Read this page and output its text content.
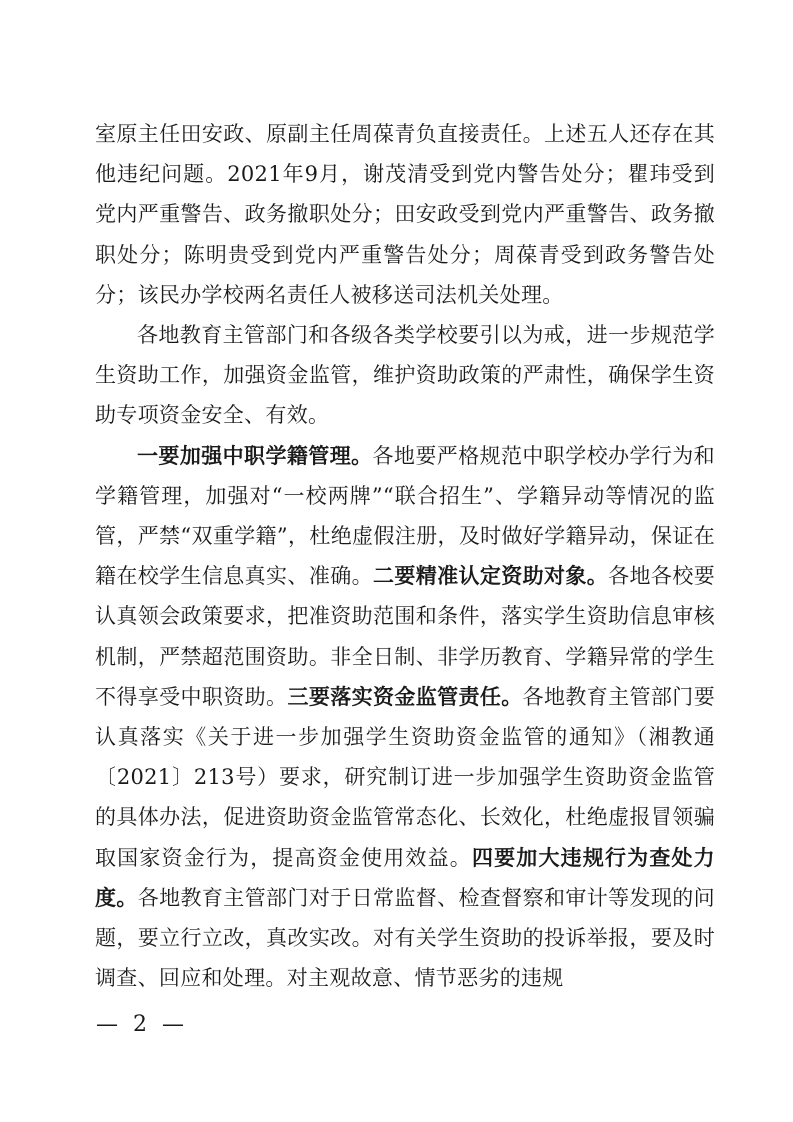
室原主任田安政、原副主任周葆青负直接责任。上述五人还存在其他违纪问题。2021年9月，谢茂清受到党内警告处分；瞿玮受到党内严重警告、政务撤职处分；田安政受到党内严重警告、政务撤职处分；陈明贵受到党内严重警告处分；周葆青受到政务警告处分；该民办学校两名责任人被移送司法机关处理。

各地教育主管部门和各级各类学校要引以为戒，进一步规范学生资助工作，加强资金监管，维护资助政策的严肃性，确保学生资助专项资金安全、有效。

一要加强中职学籍管理。各地要严格规范中职学校办学行为和学籍管理，加强对“一校两牌”“联合招生”、学籍异动等情况的监管，严禁“双重学籍”，杜绝虚假注册，及时做好学籍异动，保证在籍在校学生信息真实、准确。二要精准认定资助对象。各地各校要认真领会政策要求，把准资助范围和条件，落实学生资助信息审核机制，严禁超范围资助。非全日制、非学历教育、学籍异常的学生不得享受中职资助。三要落实资金监管责任。各地教育主管部门要认真落实《关于进一步加强学生资助资金监管的通知》（湘教通〔2021〕213号）要求，研究制订进一步加强学生资助资金监管的具体办法，促进资助资金监管常态化、长效化，杜绝虚报冒领骗取国家资金行为，提高资金使用效益。四要加大违规行为查处力度。各地教育主管部门对于日常监督、检查督察和审计等发现的问题，要立行立改，真改实改。对有关学生资助的投诉举报，要及时调查、回应和处理。对主观故意、情节恶劣的违规

— 2 —
